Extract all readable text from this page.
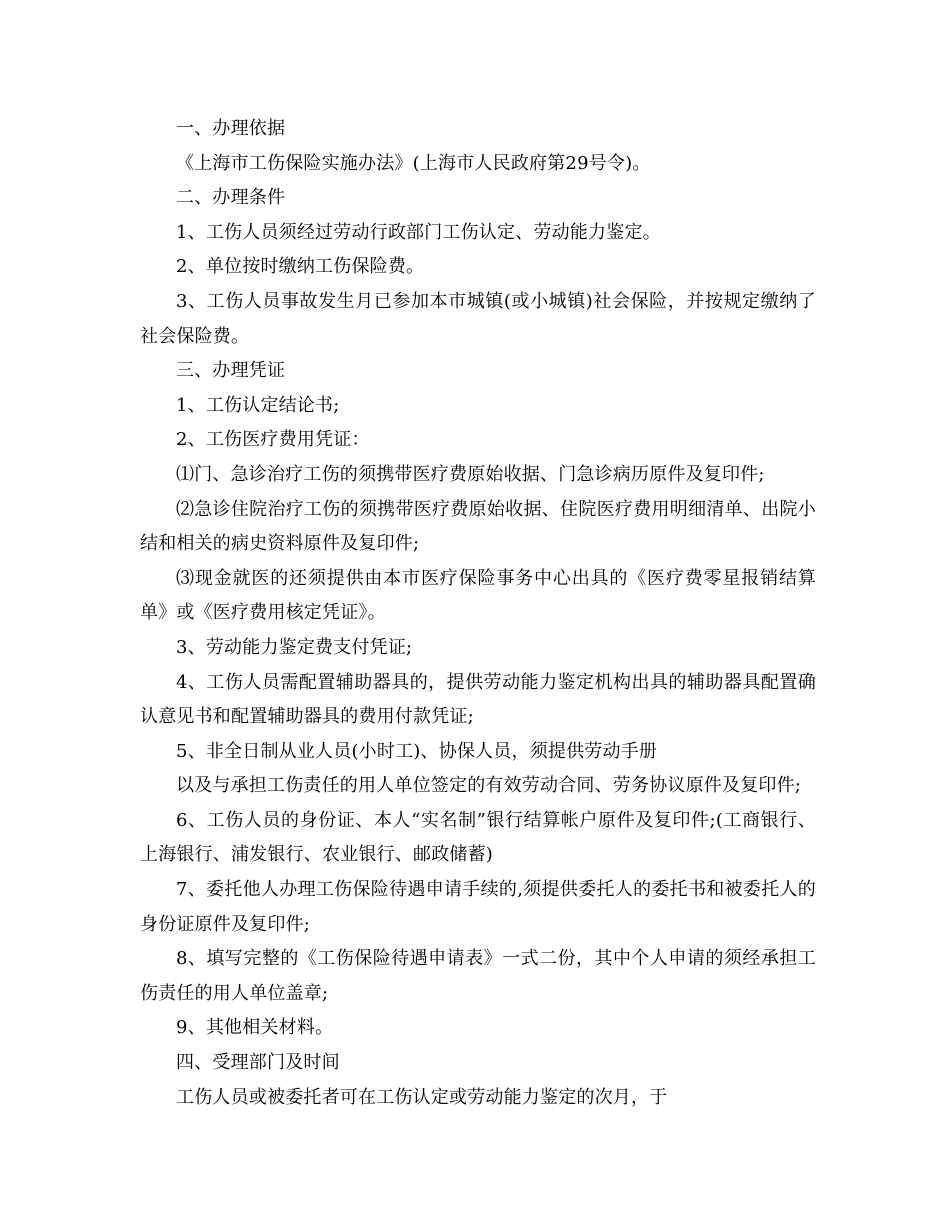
一、办理依据

《上海市工伤保险实施办法》(上海市人民政府第29号令)。

二、办理条件

1、工伤人员须经过劳动行政部门工伤认定、劳动能力鉴定。

2、单位按时缴纳工伤保险费。

3、工伤人员事故发生月已参加本市城镇(或小城镇)社会保险，并按规定缴纳了社会保险费。

三、办理凭证

1、工伤认定结论书;

2、工伤医疗费用凭证：

⑴门、急诊治疗工伤的须携带医疗费原始收据、门急诊病历原件及复印件;

⑵急诊住院治疗工伤的须携带医疗费原始收据、住院医疗费用明细清单、出院小结和相关的病史资料原件及复印件;

⑶现金就医的还须提供由本市医疗保险事务中心出具的《医疗费零星报销结算单》或《医疗费用核定凭证》。

3、劳动能力鉴定费支付凭证;

4、工伤人员需配置辅助器具的，提供劳动能力鉴定机构出具的辅助器具配置确认意见书和配置辅助器具的费用付款凭证;

5、非全日制从业人员(小时工)、协保人员，须提供劳动手册

以及与承担工伤责任的用人单位签定的有效劳动合同、劳务协议原件及复印件;

6、工伤人员的身份证、本人“实名制”银行结算帐户原件及复印件;(工商银行、上海银行、浦发银行、农业银行、邮政储蓄)

7、委托他人办理工伤保险待遇申请手续的,须提供委托人的委托书和被委托人的身份证原件及复印件;

8、填写完整的《工伤保险待遇申请表》一式二份，其中个人申请的须经承担工伤责任的用人单位盖章;

9、其他相关材料。

四、受理部门及时间

工伤人员或被委托者可在工伤认定或劳动能力鉴定的次月，于
